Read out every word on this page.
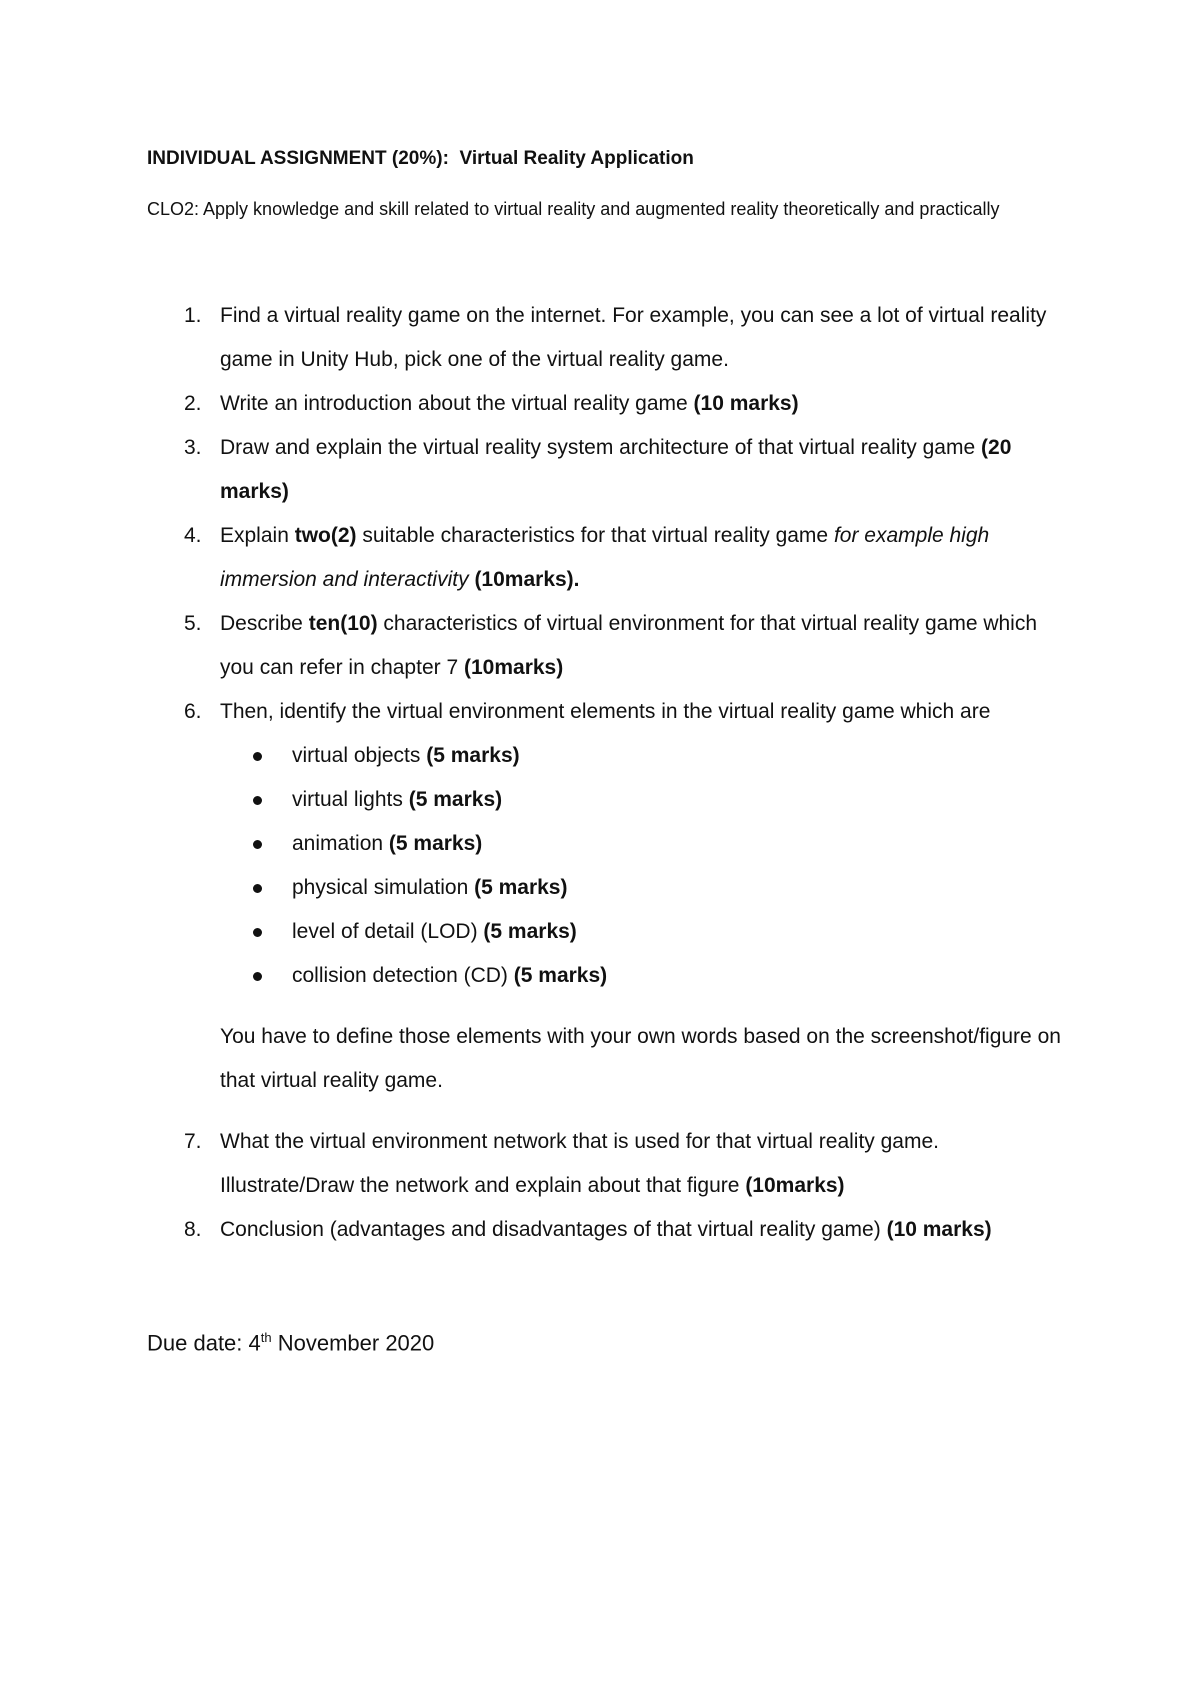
INDIVIDUAL ASSIGNMENT (20%): Virtual Reality Application
CLO2: Apply knowledge and skill related to virtual reality and augmented reality theoretically and practically
1. Find a virtual reality game on the internet. For example, you can see a lot of virtual reality game in Unity Hub, pick one of the virtual reality game.
2. Write an introduction about the virtual reality game (10 marks)
3. Draw and explain the virtual reality system architecture of that virtual reality game (20 marks)
4. Explain two(2) suitable characteristics for that virtual reality game for example high immersion and interactivity (10marks).
5. Describe ten(10) characteristics of virtual environment for that virtual reality game which you can refer in chapter 7 (10marks)
6. Then, identify the virtual environment elements in the virtual reality game which are
virtual objects (5 marks)
virtual lights (5 marks)
animation (5 marks)
physical simulation (5 marks)
level of detail (LOD) (5 marks)
collision detection (CD) (5 marks)
You have to define those elements with your own words based on the screenshot/figure on that virtual reality game.
7. What the virtual environment network that is used for that virtual reality game. Illustrate/Draw the network and explain about that figure (10marks)
8. Conclusion (advantages and disadvantages of that virtual reality game) (10 marks)
Due date: 4th November 2020
